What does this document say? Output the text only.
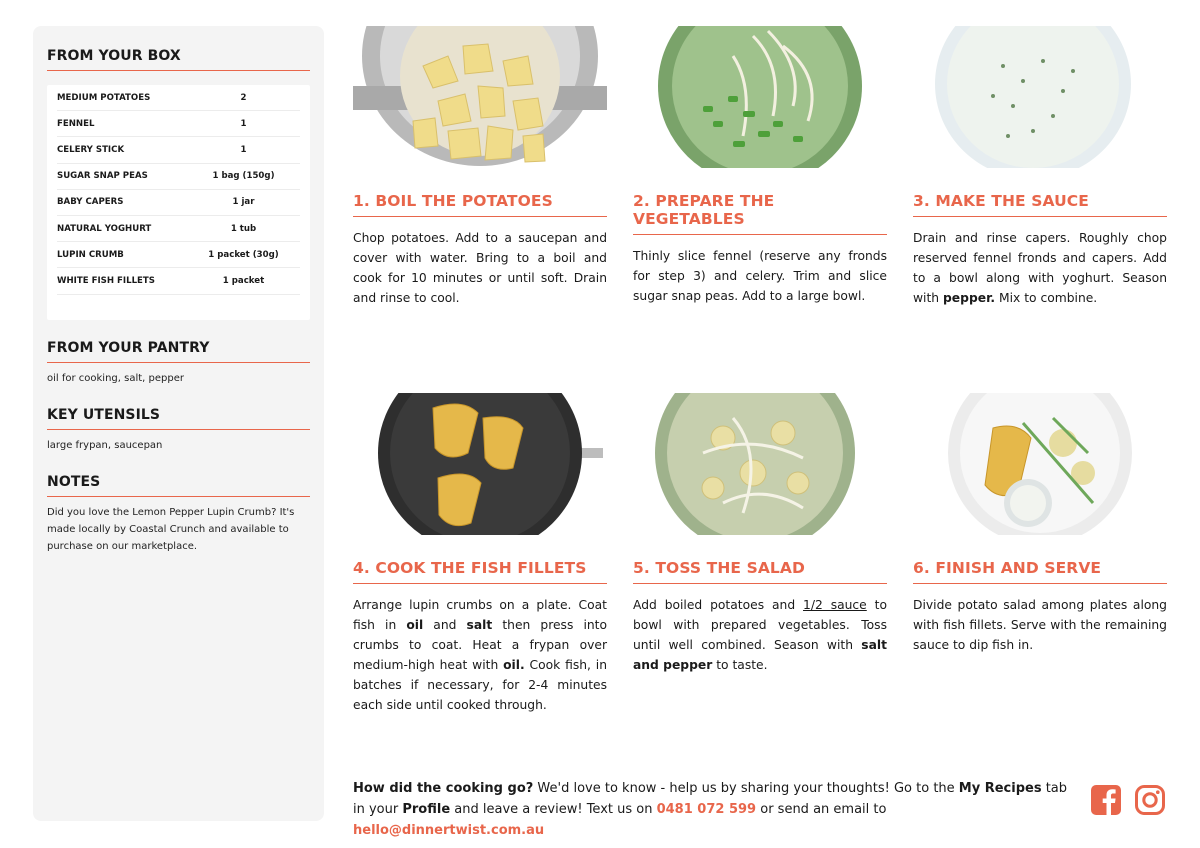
FROM YOUR BOX
MEDIUM POTATOES	2
FENNEL	1
CELERY STICK	1
SUGAR SNAP PEAS	1 bag (150g)
BABY CAPERS	1 jar
NATURAL YOGHURT	1 tub
LUPIN CRUMB	1 packet (30g)
WHITE FISH FILLETS	1 packet
FROM YOUR PANTRY
oil for cooking, salt, pepper
KEY UTENSILS
large frypan, saucepan
NOTES
Did you love the Lemon Pepper Lupin Crumb? It's made locally by Coastal Crunch and available to purchase on our marketplace.
1. BOIL THE POTATOES
Chop potatoes. Add to a saucepan and cover with water. Bring to a boil and cook for 10 minutes or until soft. Drain and rinse to cool.
2. PREPARE THE VEGETABLES
Thinly slice fennel (reserve any fronds for step 3) and celery. Trim and slice sugar snap peas. Add to a large bowl.
3. MAKE THE SAUCE
Drain and rinse capers. Roughly chop reserved fennel fronds and capers. Add to a bowl along with yoghurt. Season with pepper. Mix to combine.
4. COOK THE FISH FILLETS
Arrange lupin crumbs on a plate. Coat fish in oil and salt then press into crumbs to coat. Heat a frypan over medium-high heat with oil. Cook fish, in batches if necessary, for 2-4 minutes each side until cooked through.
5. TOSS THE SALAD
Add boiled potatoes and 1/2 sauce to bowl with prepared vegetables. Toss until well combined. Season with salt and pepper to taste.
6. FINISH AND SERVE
Divide potato salad among plates along with fish fillets. Serve with the remaining sauce to dip fish in.
How did the cooking go? We'd love to know - help us by sharing your thoughts! Go to the My Recipes tab in your Profile and leave a review! Text us on 0481 072 599 or send an email to hello@dinnertwist.com.au
